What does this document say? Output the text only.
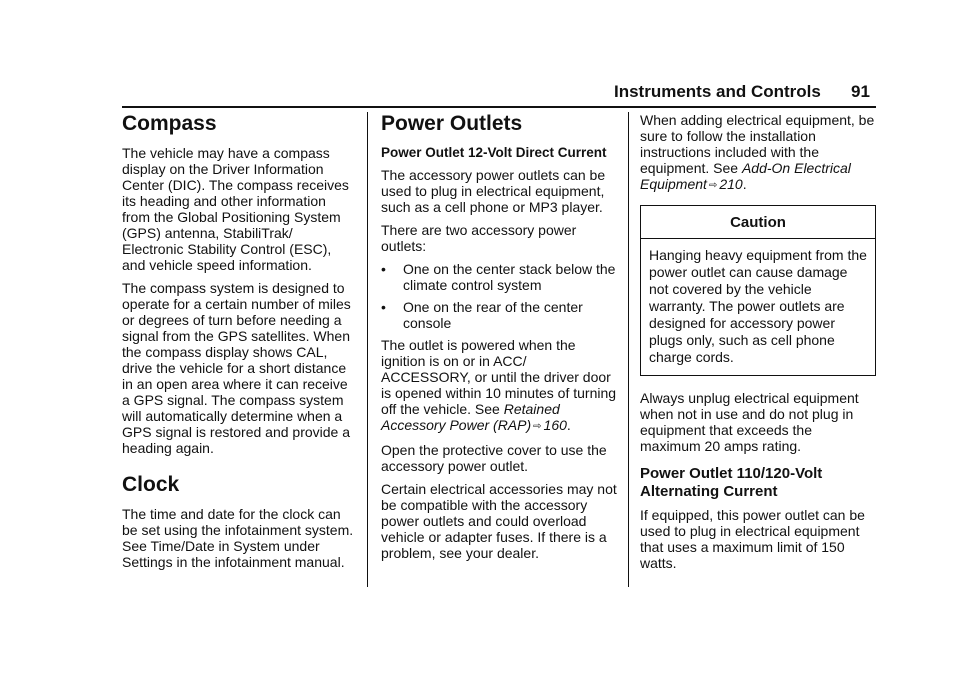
Instruments and Controls 91
Compass

The vehicle may have a compass display on the Driver Information Center (DIC). The compass receives its heading and other information from the Global Positioning System (GPS) antenna, StabiliTrak/ Electronic Stability Control (ESC), and vehicle speed information.

The compass system is designed to operate for a certain number of miles or degrees of turn before needing a signal from the GPS satellites. When the compass display shows CAL, drive the vehicle for a short distance in an open area where it can receive a GPS signal. The compass system will automatically determine when a GPS signal is restored and provide a heading again.

Clock

The time and date for the clock can be set using the infotainment system. See Time/Date in System under Settings in the infotainment manual.

Power Outlets
Power Outlet 12-Volt Direct Current

The accessory power outlets can be used to plug in electrical equipment, such as a cell phone or MP3 player.

There are two accessory power outlets:

• One on the center stack below the climate control system
• One on the rear of the center console

The outlet is powered when the ignition is on or in ACC/ ACCESSORY, or until the driver door is opened within 10 minutes of turning off the vehicle. See Retained Accessory Power (RAP) ⇨ 160.

Open the protective cover to use the accessory power outlet.

Certain electrical accessories may not be compatible with the accessory power outlets and could overload vehicle or adapter fuses. If there is a problem, see your dealer.

When adding electrical equipment, be sure to follow the installation instructions included with the equipment. See Add-On Electrical Equipment ⇨ 210.

Caution
Hanging heavy equipment from the power outlet can cause damage not covered by the vehicle warranty. The power outlets are designed for accessory power plugs only, such as cell phone charge cords.

Always unplug electrical equipment when not in use and do not plug in equipment that exceeds the maximum 20 amps rating.

Power Outlet 110/120-Volt Alternating Current

If equipped, this power outlet can be used to plug in electrical equipment that uses a maximum limit of 150 watts.
